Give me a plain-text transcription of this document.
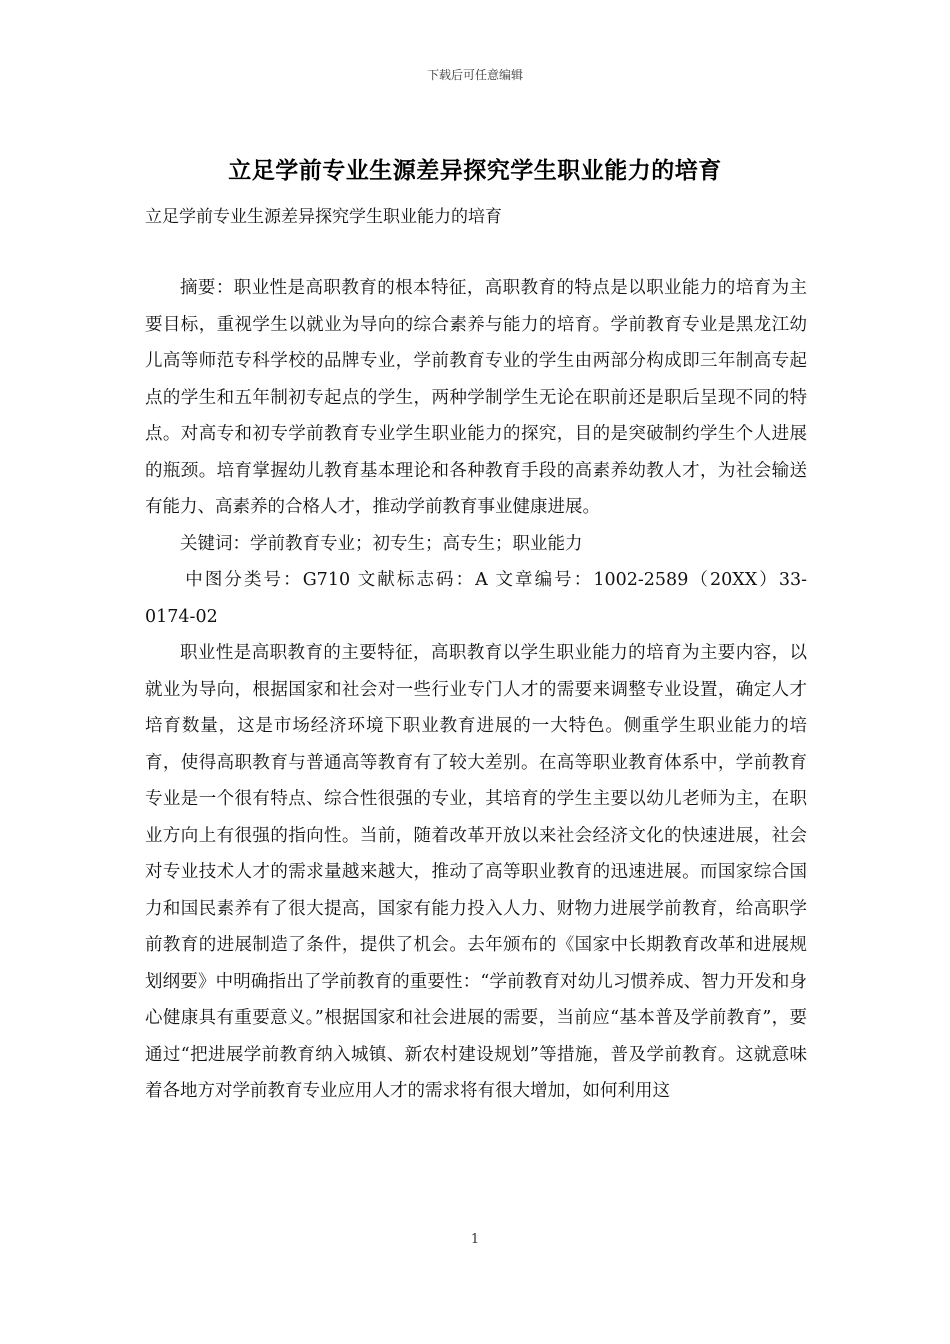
下载后可任意编辑
立足学前专业生源差异探究学生职业能力的培育
立足学前专业生源差异探究学生职业能力的培育

摘要：职业性是高职教育的根本特征，高职教育的特点是以职业能力的培育为主要目标，重视学生以就业为导向的综合素养与能力的培育。学前教育专业是黑龙江幼儿高等师范专科学校的品牌专业，学前教育专业的学生由两部分构成即三年制高专起点的学生和五年制初专起点的学生，两种学制学生无论在职前还是职后呈现不同的特点。对高专和初专学前教育专业学生职业能力的探究，目的是突破制约学生个人进展的瓶颈。培育掌握幼儿教育基本理论和各种教育手段的高素养幼教人才，为社会输送有能力、高素养的合格人才，推动学前教育事业健康进展。

关键词：学前教育专业；初专生；高专生；职业能力

中图分类号：G710 文献标志码：A 文章编号：1002-2589（20XX）33-0174-02

职业性是高职教育的主要特征，高职教育以学生职业能力的培育为主要内容，以就业为导向，根据国家和社会对一些行业专门人才的需要来调整专业设置，确定人才培育数量，这是市场经济环境下职业教育进展的一大特色。侧重学生职业能力的培育，使得高职教育与普通高等教育有了较大差别。在高等职业教育体系中，学前教育专业是一个很有特点、综合性很强的专业，其培育的学生主要以幼儿老师为主，在职业方向上有很强的指向性。当前，随着改革开放以来社会经济文化的快速进展，社会对专业技术人才的需求量越来越大，推动了高等职业教育的迅速进展。而国家综合国力和国民素养有了很大提高，国家有能力投入人力、财物力进展学前教育，给高职学前教育的进展制造了条件，提供了机会。去年颁布的《国家中长期教育改革和进展规划纲要》中明确指出了学前教育的重要性：“学前教育对幼儿习惯养成、智力开发和身心健康具有重要意义。”根据国家和社会进展的需要，当前应“基本普及学前教育”，要通过“把进展学前教育纳入城镇、新农村建设规划”等措施，普及学前教育。这就意味着各地方对学前教育专业应用人才的需求将有很大增加，如何利用这

1
